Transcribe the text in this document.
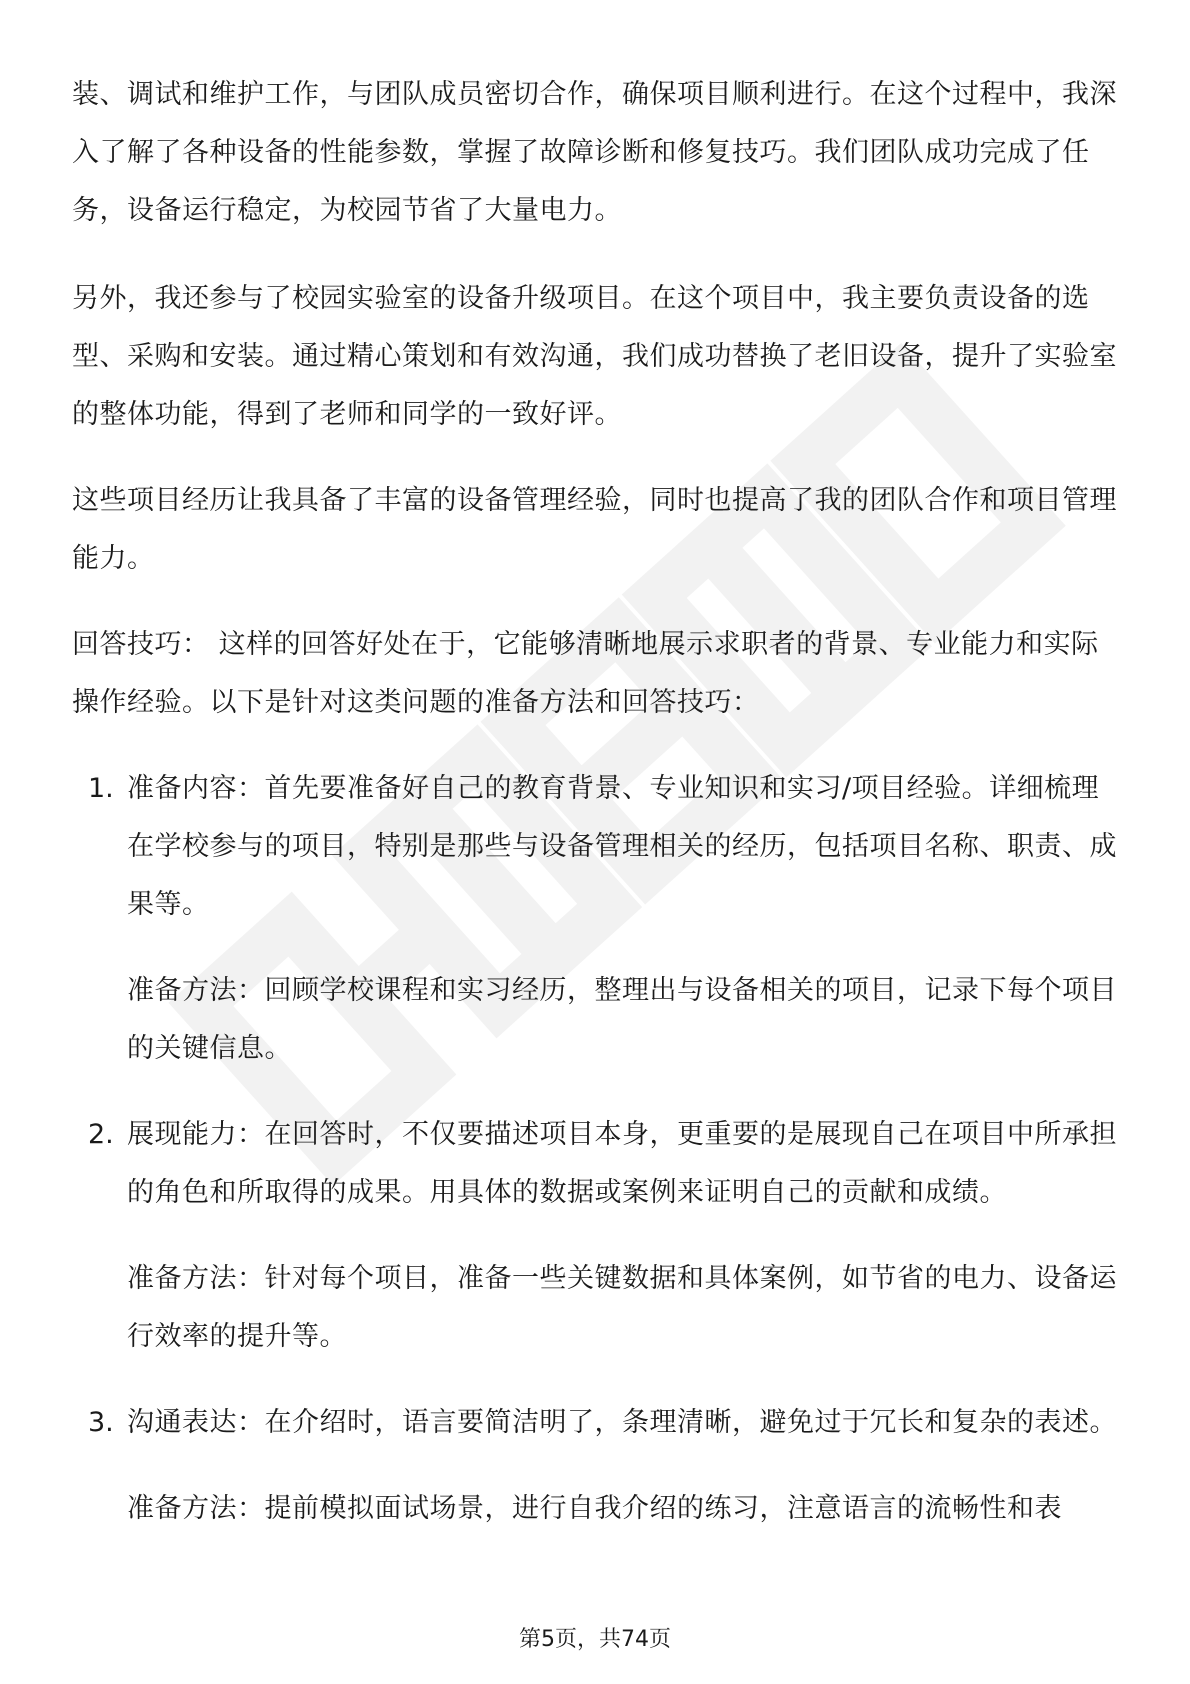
装、调试和维护工作，与团队成员密切合作，确保项目顺利进行。在这个过程中，我深入了解了各种设备的性能参数，掌握了故障诊断和修复技巧。我们团队成功完成了任务，设备运行稳定，为校园节省了大量电力。

另外，我还参与了校园实验室的设备升级项目。在这个项目中，我主要负责设备的选型、采购和安装。通过精心策划和有效沟通，我们成功替换了老旧设备，提升了实验室的整体功能，得到了老师和同学的一致好评。

这些项目经历让我具备了丰富的设备管理经验，同时也提高了我的团队合作和项目管理能力。

回答技巧： 这样的回答好处在于，它能够清晰地展示求职者的背景、专业能力和实际操作经验。以下是针对这类问题的准备方法和回答技巧：

1. 准备内容：首先要准备好自己的教育背景、专业知识和实习/项目经验。详细梳理在学校参与的项目，特别是那些与设备管理相关的经历，包括项目名称、职责、成果等。

准备方法：回顾学校课程和实习经历，整理出与设备相关的项目，记录下每个项目的关键信息。

2. 展现能力：在回答时，不仅要描述项目本身，更重要的是展现自己在项目中所承担的角色和所取得的成果。用具体的数据或案例来证明自己的贡献和成绩。

准备方法：针对每个项目，准备一些关键数据和具体案例，如节省的电力、设备运行效率的提升等。

3. 沟通表达：在介绍时，语言要简洁明了，条理清晰，避免过于冗长和复杂的表述。

准备方法：提前模拟面试场景，进行自我介绍的练习，注意语言的流畅性和表

第5页，共74页
